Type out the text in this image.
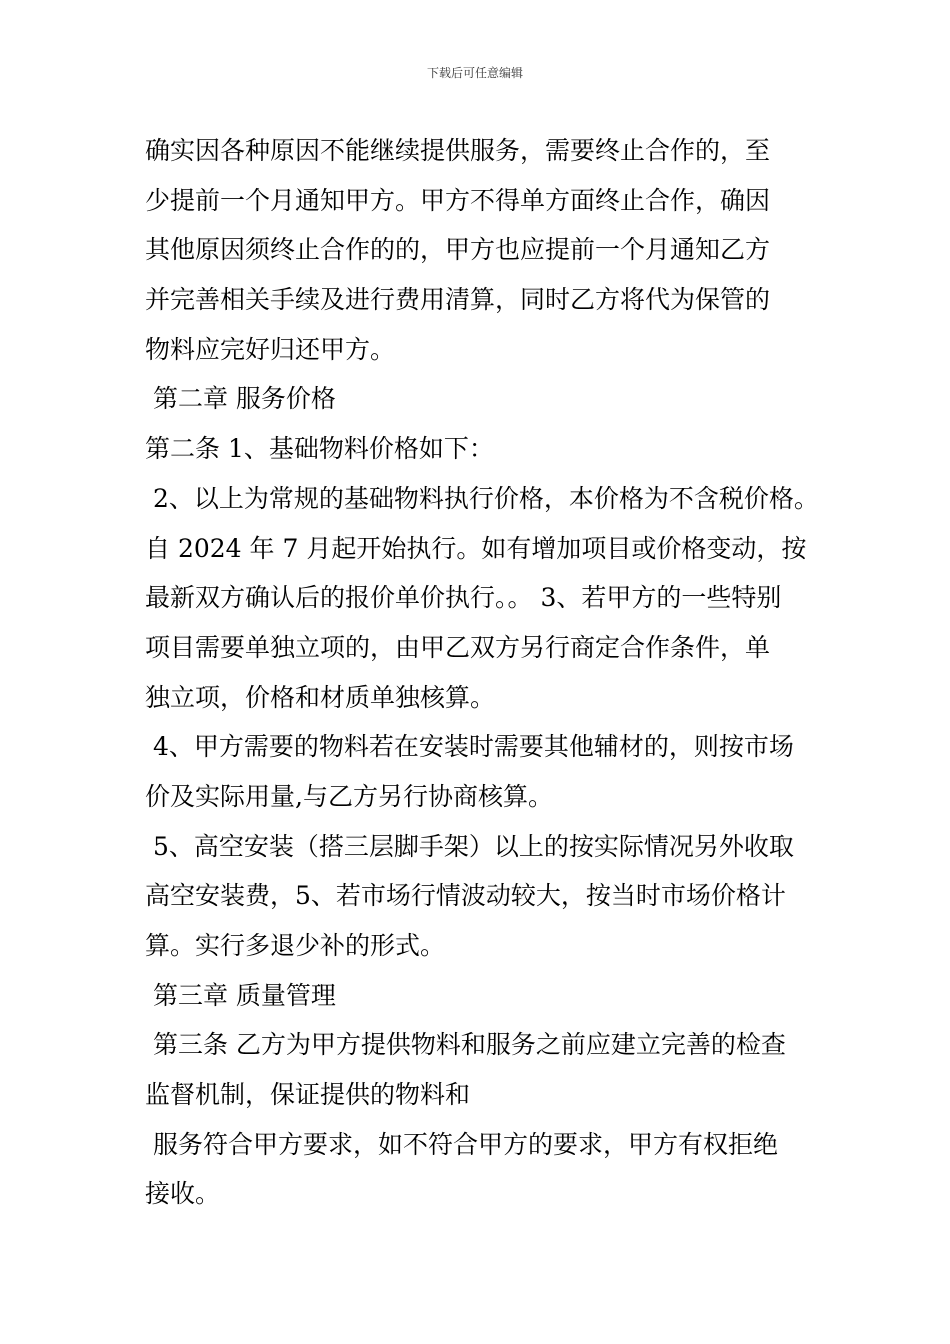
下载后可任意编辑
确实因各种原因不能继续提供服务，需要终止合作的，至
少提前一个月通知甲方。甲方不得单方面终止合作，确因
其他原因须终止合作的的，甲方也应提前一个月通知乙方
并完善相关手续及进行费用清算，同时乙方将代为保管的
物料应完好归还甲方。
第二章 服务价格
第二条 1、基础物料价格如下：
2、以上为常规的基础物料执行价格，本价格为不含税价格。
自 2024 年 7 月起开始执行。如有增加项目或价格变动，按
最新双方确认后的报价单价执行。。 3、若甲方的一些特别
项目需要单独立项的，由甲乙双方另行商定合作条件，单
独立项，价格和材质单独核算。
4、甲方需要的物料若在安装时需要其他辅材的，则按市场
价及实际用量,与乙方另行协商核算。
5、高空安装（搭三层脚手架）以上的按实际情况另外收取
高空安装费，5、若市场行情波动较大，按当时市场价格计
算。实行多退少补的形式。
第三章 质量管理
第三条 乙方为甲方提供物料和服务之前应建立完善的检查
监督机制，保证提供的物料和
服务符合甲方要求，如不符合甲方的要求，甲方有权拒绝
接收。
